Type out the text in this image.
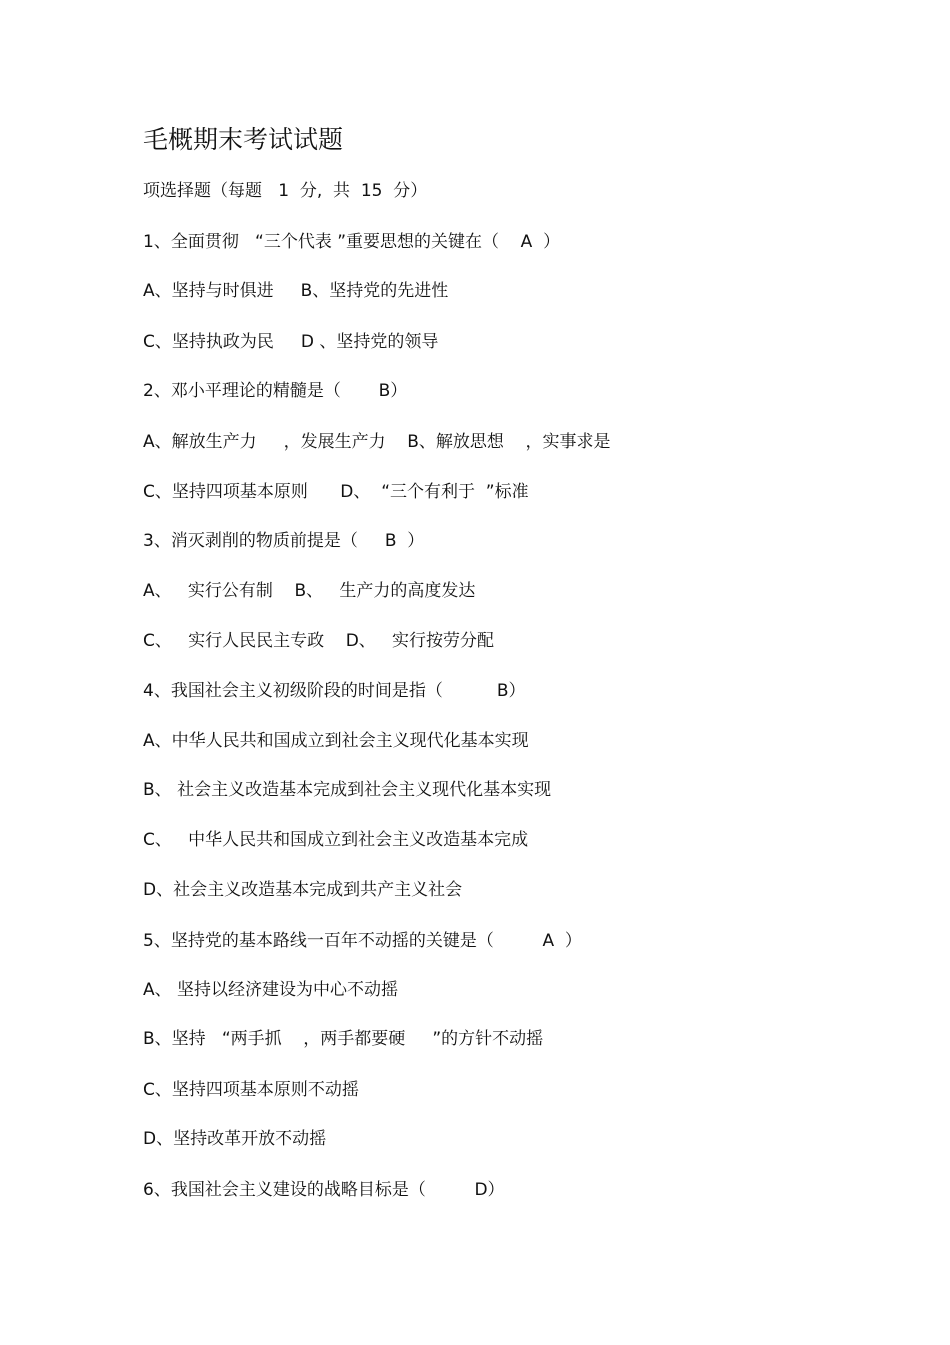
毛概期末考试试题
项选择题（每题   1  分,  共  15  分）
1、全面贯彻   “三个代表 ”重要思想的关键在（    A  ）
A、坚持与时俱进     B、坚持党的先进性
C、坚持执政为民     D 、坚持党的领导
2、邓小平理论的精髓是（       B）
A、解放生产力     ，发展生产力    B、解放思想    ，实事求是
C、坚持四项基本原则      D、  “三个有利于  ”标准
3、消灭剥削的物质前提是（     B  ）
A、   实行公有制    B、   生产力的高度发达
C、   实行人民民主专政    D、   实行按劳分配
4、我国社会主义初级阶段的时间是指（          B）
A、中华人民共和国成立到社会主义现代化基本实现
B、 社会主义改造基本完成到社会主义现代化基本实现
C、   中华人民共和国成立到社会主义改造基本完成
D、社会主义改造基本完成到共产主义社会
5、坚持党的基本路线一百年不动摇的关键是（         A  ）
A、 坚持以经济建设为中心不动摇
B、坚持   “两手抓    ，两手都要硬     ”的方针不动摇
C、坚持四项基本原则不动摇
D、坚持改革开放不动摇
6、我国社会主义建设的战略目标是（         D）
